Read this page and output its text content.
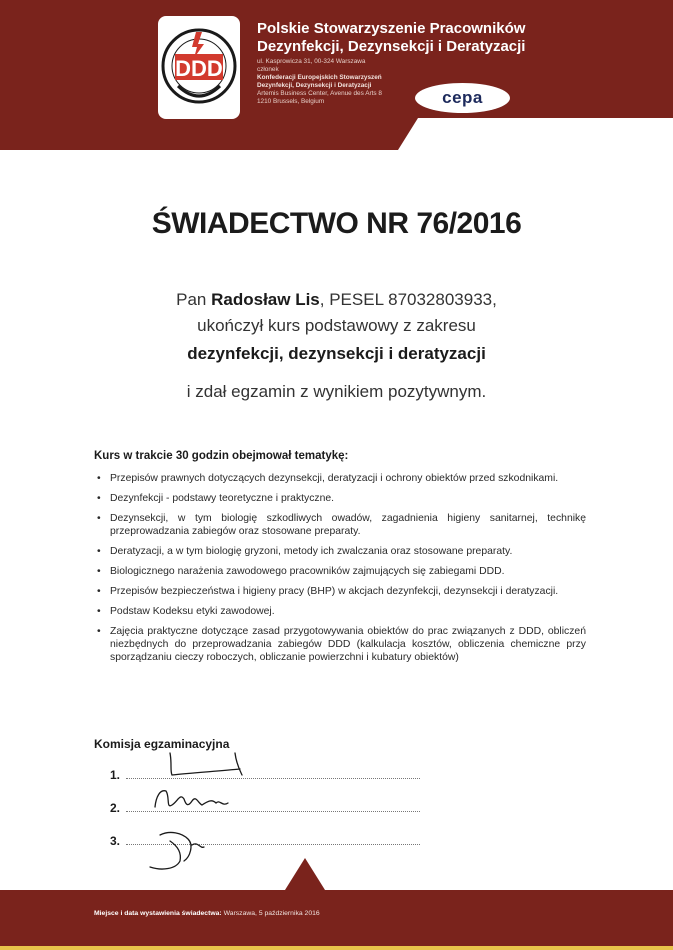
DDD
Polskie Stowarzyszenie Pracowników
Dezynfekcji, Dezynsekcji i Deratyzacji
ul. Kasprowicza 31, 00-324 Warszawa
członek
Konfederacji Europejskich Stowarzyszeń
Dezynfekcji, Dezynsekcji i Deratyzacji
Artemis Business Center, Avenue des Arts 8
1210 Brussels, Belgium	cepa
ŚWIADECTWO NR 76/2016
Pan Radosław Lis, PESEL 87032803933,
ukończył kurs podstawowy z zakresu
dezynfekcji, dezynsekcji i deratyzacji
i zdał egzamin z wynikiem pozytywnym.
Kurs w trakcie 30 godzin obejmował tematykę:
• Przepisów prawnych dotyczących dezynsekcji, deratyzacji i ochrony obiektów przed szkodnikami.
• Dezynfekcji - podstawy teoretyczne i praktyczne.
• Dezynsekcji, w tym biologię szkodliwych owadów, zagadnienia higieny sanitarnej, technikę przeprowadzania zabiegów oraz stosowane preparaty.
• Deratyzacji, a w tym biologię gryzoni, metody ich zwalczania oraz stosowane preparaty.
• Biologicznego narażenia zawodowego pracowników zajmujących się zabiegami DDD.
• Przepisów bezpieczeństwa i higieny pracy (BHP) w akcjach dezynfekcji, dezynsekcji i deratyzacji.
• Podstaw Kodeksu etyki zawodowej.
• Zajęcia praktyczne dotyczące zasad przygotowywania obiektów do prac związanych z DDD, obliczeń niezbędnych do przeprowadzania zabiegów DDD (kalkulacja kosztów, obliczenia chemiczne przy sporządzaniu cieczy roboczych, obliczanie powierzchni i kubatury obiektów)
Komisja egzaminacyjna
1.
2.
3.
Miejsce i data wystawienia świadectwa: Warszawa, 5 października 2016
